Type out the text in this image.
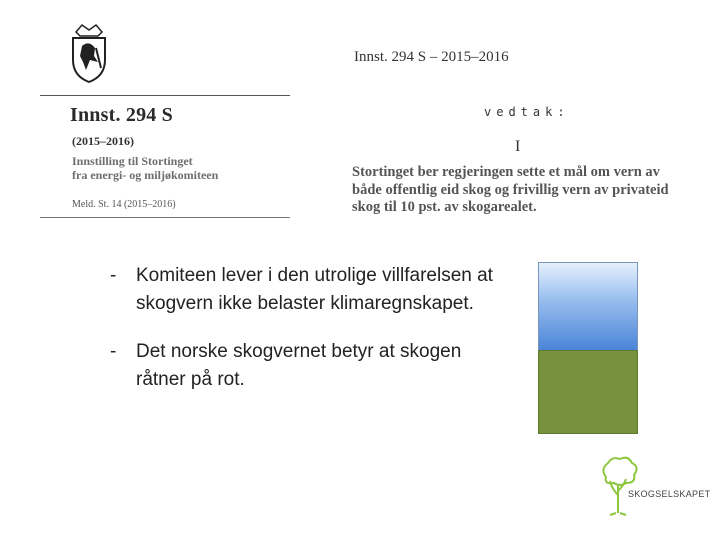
Innst. 294 S
(2015–2016)
Innstilling til Stortinget
fra energi- og miljøkomiteen
Meld. St. 14 (2015–2016)
Innst. 294 S – 2015–2016
vedtak:
I
Stortinget ber regjeringen sette et mål om vern av
både offentlig eid skog og frivillig vern av privateid
skog til 10 pst. av skogarealet.
-	Komiteen lever i den utrolige villfarelsen at skogvern ikke belaster klimaregnskapet.
-	Det norske skogvernet betyr at skogen råtner på rot.
SKOGSELSKAPET
